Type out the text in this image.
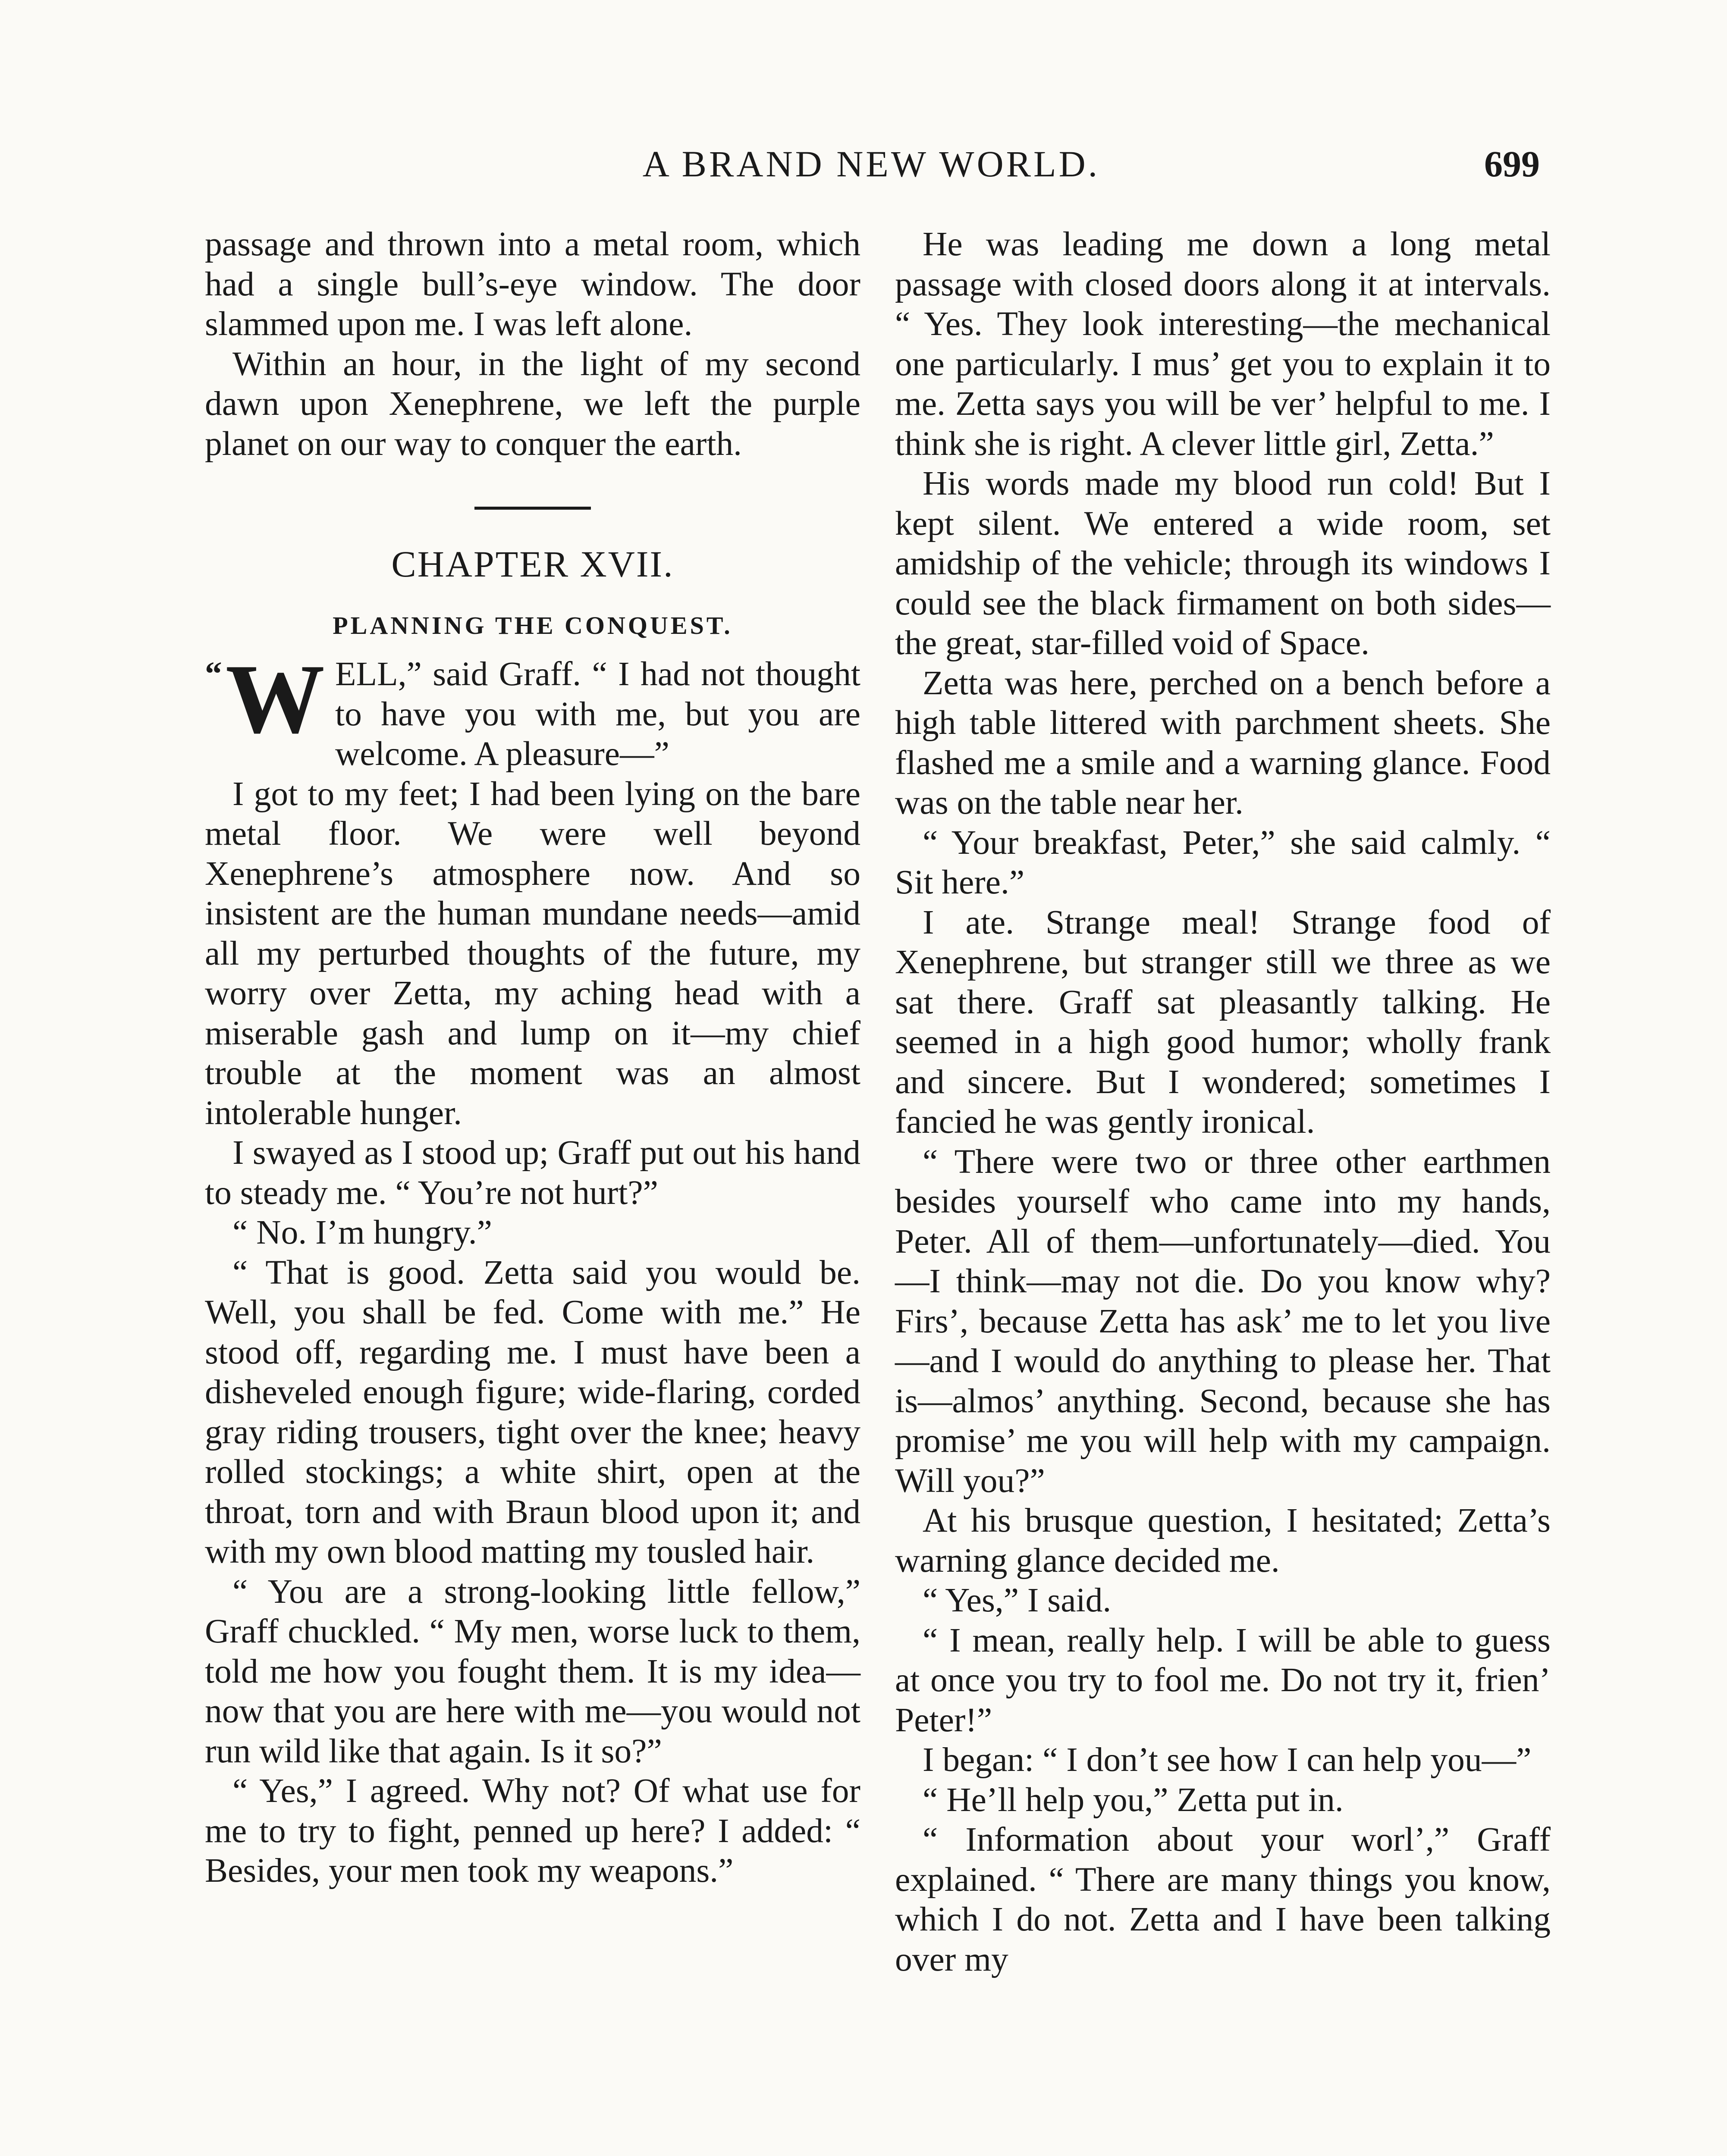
A BRAND NEW WORLD.	699

passage and thrown into a metal room, which had a single bull’s-eye window. The door slammed upon me. I was left alone.

Within an hour, in the light of my second dawn upon Xenephrene, we left the purple planet on our way to conquer the earth.

CHAPTER XVII.
PLANNING THE CONQUEST.

“ W ELL,” said Graff. “ I had not thought to have you with me, but you are welcome. A pleasure—”

I got to my feet; I had been lying on the bare metal floor. We were well beyond Xenephrene’s atmosphere now. And so insistent are the human mundane needs—amid all my perturbed thoughts of the future, my worry over Zetta, my aching head with a miserable gash and lump on it—my chief trouble at the moment was an almost intolerable hunger.

I swayed as I stood up; Graff put out his hand to steady me. “ You’re not hurt?”

“ No. I’m hungry.”

“ That is good. Zetta said you would be. Well, you shall be fed. Come with me.” He stood off, regarding me. I must have been a disheveled enough figure; wide-flaring, corded gray riding trousers, tight over the knee; heavy rolled stockings; a white shirt, open at the throat, torn and with Braun blood upon it; and with my own blood matting my tousled hair.

“ You are a strong-looking little fellow,” Graff chuckled. “ My men, worse luck to them, told me how you fought them. It is my idea—now that you are here with me—you would not run wild like that again. Is it so?”

“ Yes,” I agreed. Why not? Of what use for me to try to fight, penned up here? I added: “ Besides, your men took my weapons.”

He was leading me down a long metal passage with closed doors along it at intervals. “ Yes. They look interesting—the mechanical one particularly. I mus’ get you to explain it to me. Zetta says you will be ver’ helpful to me. I think she is right. A clever little girl, Zetta.”

His words made my blood run cold! But I kept silent. We entered a wide room, set amidship of the vehicle; through its windows I could see the black firmament on both sides—the great, star-filled void of Space.

Zetta was here, perched on a bench before a high table littered with parchment sheets. She flashed me a smile and a warning glance. Food was on the table near her.

“ Your breakfast, Peter,” she said calmly. “ Sit here.”

I ate. Strange meal! Strange food of Xenephrene, but stranger still we three as we sat there. Graff sat pleasantly talking. He seemed in a high good humor; wholly frank and sincere. But I wondered; sometimes I fancied he was gently ironical.

“ There were two or three other earthmen besides yourself who came into my hands, Peter. All of them—unfortunately—died. You—I think—may not die. Do you know why? Firs’, because Zetta has ask’ me to let you live—and I would do anything to please her. That is—almos’ anything. Second, because she has promise’ me you will help with my campaign. Will you?”

At his brusque question, I hesitated; Zetta’s warning glance decided me.

“ Yes,” I said.

“ I mean, really help. I will be able to guess at once you try to fool me. Do not try it, frien’ Peter!”

I began: “ I don’t see how I can help you—”

“ He’ll help you,” Zetta put in.

“ Information about your worl’,” Graff explained. “ There are many things you know, which I do not. Zetta and I have been talking over my
